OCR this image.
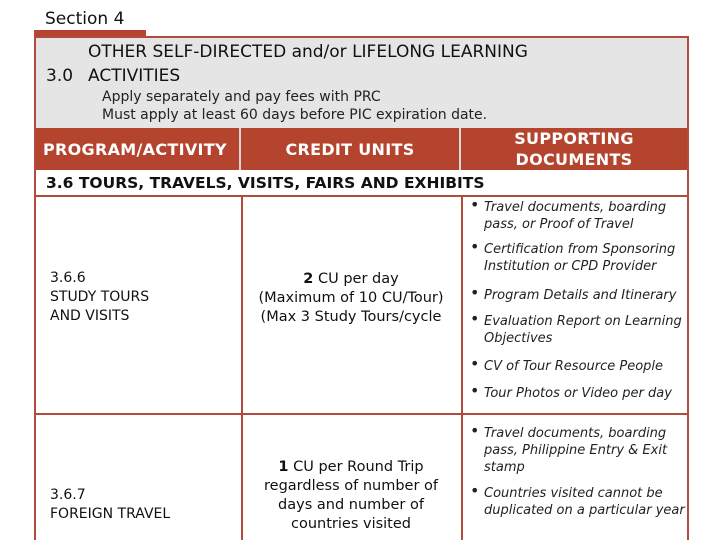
Section 4
OTHER SELF-DIRECTED and/or LIFELONG LEARNING
ACTIVITIES
3.0
Apply separately and pay fees with PRC
Must apply at least 60 days before PIC expiration date.
PROGRAM/ACTIVITY	CREDIT UNITS
SUPPORTING
DOCUMENTS
3.6 TOURS, TRAVELS, VISITS, FAIRS AND EXHIBITS
3.6.6
STUDY TOURS
AND VISITS
2 CU per day
(Maximum of 10 CU/Tour)
(Max 3 Study Tours/cycle
• Travel documents, boarding pass, or Proof of Travel
• Certification from Sponsoring Institution or CPD Provider
• Program Details and Itinerary
• Evaluation Report on Learning Objectives
• CV of Tour Resource People
• Tour Photos or Video per day
3.6.7
FOREIGN TRAVEL
1 CU per Round Trip
regardless of number of
days and number of
countries visited
• Travel documents, boarding pass, Philippine Entry & Exit stamp
• Countries visited cannot be duplicated on a particular year
